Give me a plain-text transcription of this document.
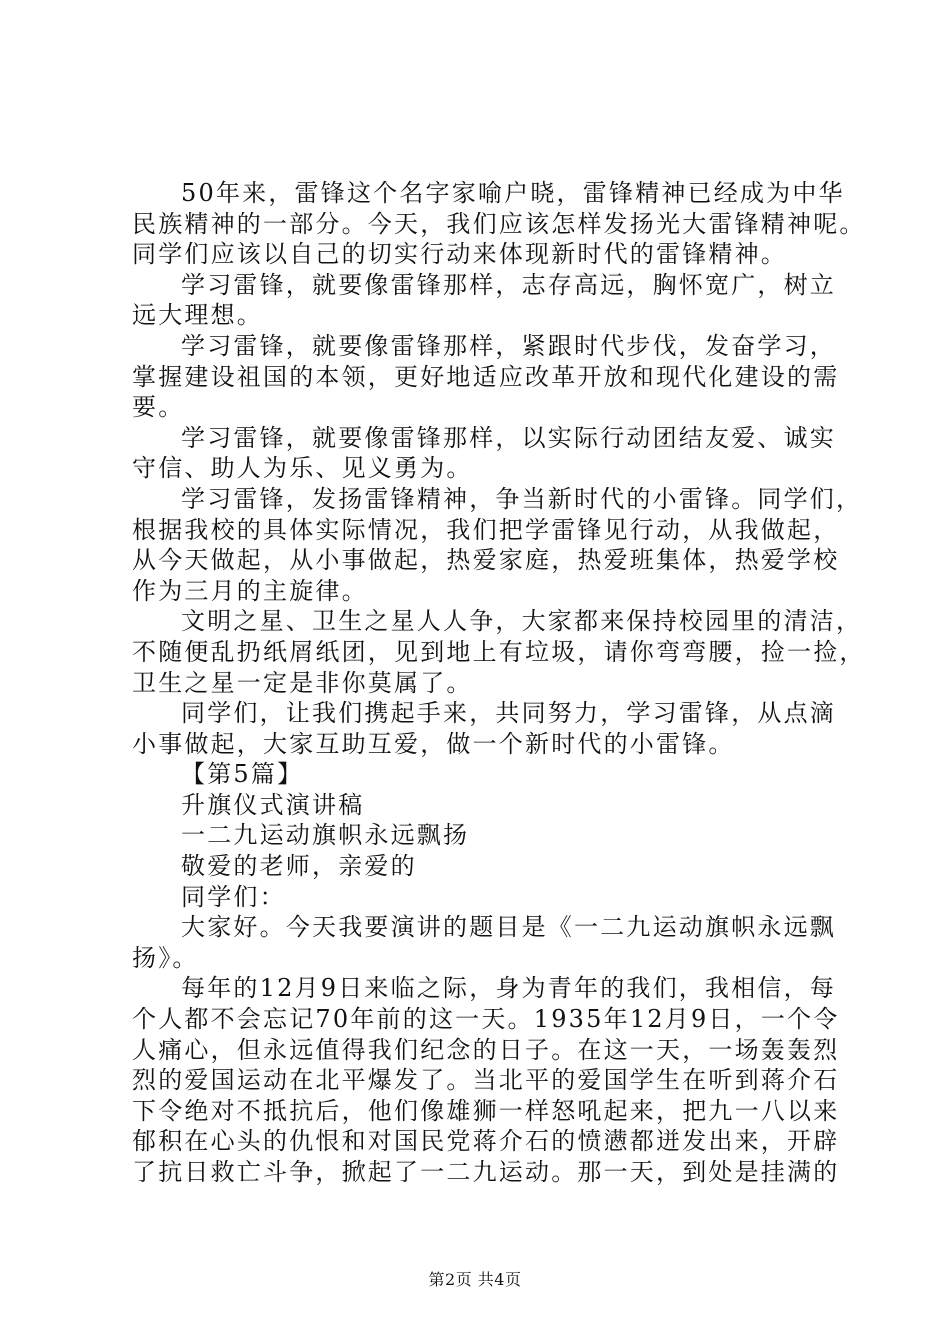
50年来，雷锋这个名字家喻户晓，雷锋精神已经成为中华
民族精神的一部分。今天，我们应该怎样发扬光大雷锋精神呢。
同学们应该以自己的切实行动来体现新时代的雷锋精神。
学习雷锋，就要像雷锋那样，志存高远，胸怀宽广，树立
远大理想。
学习雷锋，就要像雷锋那样，紧跟时代步伐，发奋学习，
掌握建设祖国的本领，更好地适应改革开放和现代化建设的需
要。
学习雷锋，就要像雷锋那样，以实际行动团结友爱、诚实
守信、助人为乐、见义勇为。
学习雷锋，发扬雷锋精神，争当新时代的小雷锋。同学们，
根据我校的具体实际情况，我们把学雷锋见行动，从我做起，
从今天做起，从小事做起，热爱家庭，热爱班集体，热爱学校
作为三月的主旋律。
文明之星、卫生之星人人争，大家都来保持校园里的清洁，
不随便乱扔纸屑纸团，见到地上有垃圾，请你弯弯腰，捡一捡，
卫生之星一定是非你莫属了。
同学们，让我们携起手来，共同努力，学习雷锋，从点滴
小事做起，大家互助互爱，做一个新时代的小雷锋。
【第5篇】
升旗仪式演讲稿
一二九运动旗帜永远飘扬
敬爱的老师，亲爱的
同学们：
大家好。今天我要演讲的题目是《一二九运动旗帜永远飘
扬》。
每年的12月9日来临之际，身为青年的我们，我相信，每
个人都不会忘记70年前的这一天。1935年12月9日，一个令
人痛心，但永远值得我们纪念的日子。在这一天，一场轰轰烈
烈的爱国运动在北平爆发了。当北平的爱国学生在听到蒋介石
下令绝对不抵抗后，他们像雄狮一样怒吼起来，把九一八以来
郁积在心头的仇恨和对国民党蒋介石的愤懑都迸发出来，开辟
了抗日救亡斗争，掀起了一二九运动。那一天，到处是挂满的
第2页 共4页
